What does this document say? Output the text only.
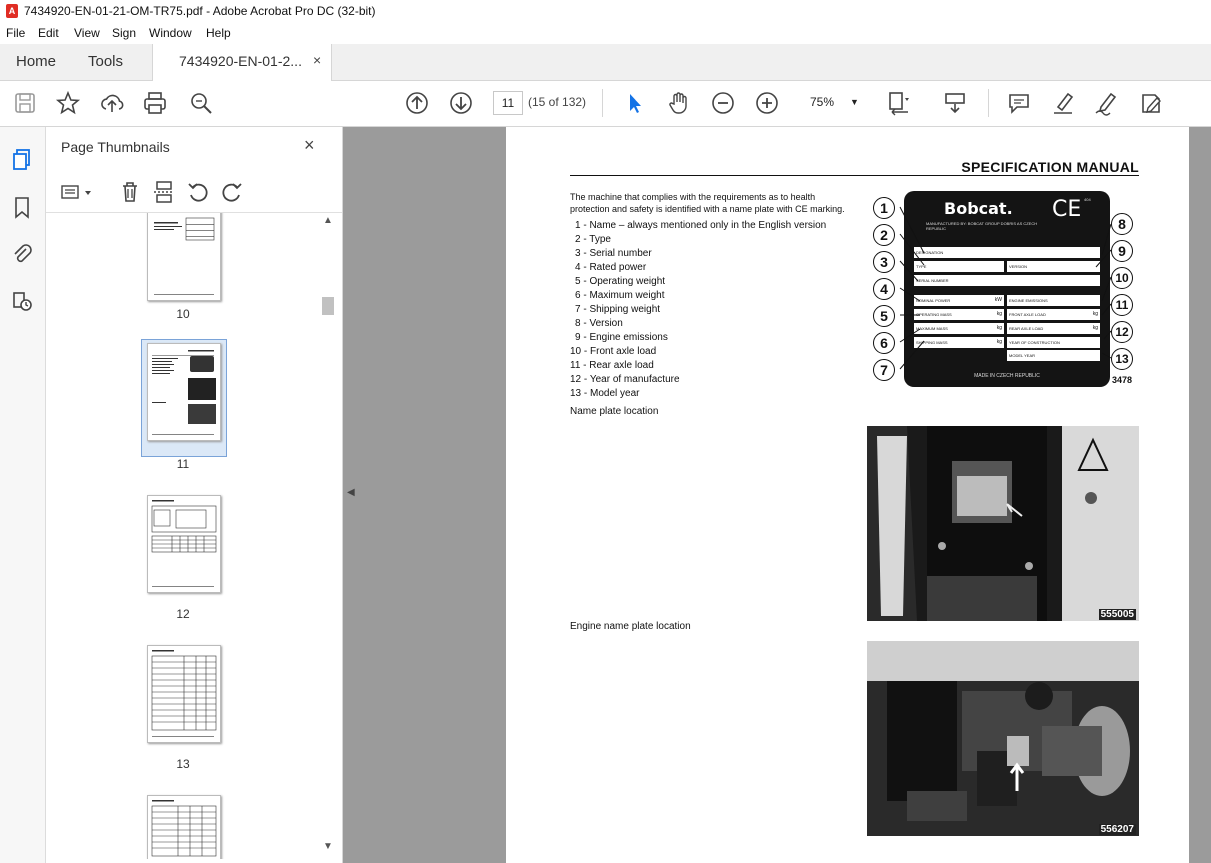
A 7434920-EN-01-21-OM-TR75.pdf - Adobe Acrobat Pro DC (32-bit)
File Edit View Sign Window Help
Home Tools	7434920-EN-01-2... ×
11	(15 of 132)	75% ▼
Page Thumbnails	×
10
11
12
13
▲
▼
◀
SPECIFICATION MANUAL
The machine that complies with the requirements as to health protection and safety is identified with a name plate with CE marking.
1 - Name – always mentioned only in the English version
2 - Type
3 - Serial number
4 - Rated power
5 - Operating weight
6 - Maximum weight
7 - Shipping weight
8 - Version
9 - Engine emissions
10 - Front axle load
11 - Rear axle load
12 - Year of manufacture
13 - Model year
Name plate location
Engine name plate location
Bobcat. CE 404
MANUFACTURED BY: BOBCAT GROUP DOBRIS AS CZECH REPUBLIC
DESIGNATION
TYPE	VERSION
SERIAL NUMBER
NOMINAL POWER	kW	ENGINE EMISSIONS
OPERATING MASS	kg	FRONT AXLE LOAD	kg
MAXIMUM MASS	kg	REAR AXLE LOAD	kg
SHIPPING MASS	kg	YEAR OF CONSTRUCTION
MODEL YEAR
MADE IN CZECH REPUBLIC
1
2
3
4
5
6
7
8
9
10
11
12
13
3478
555005
556207
